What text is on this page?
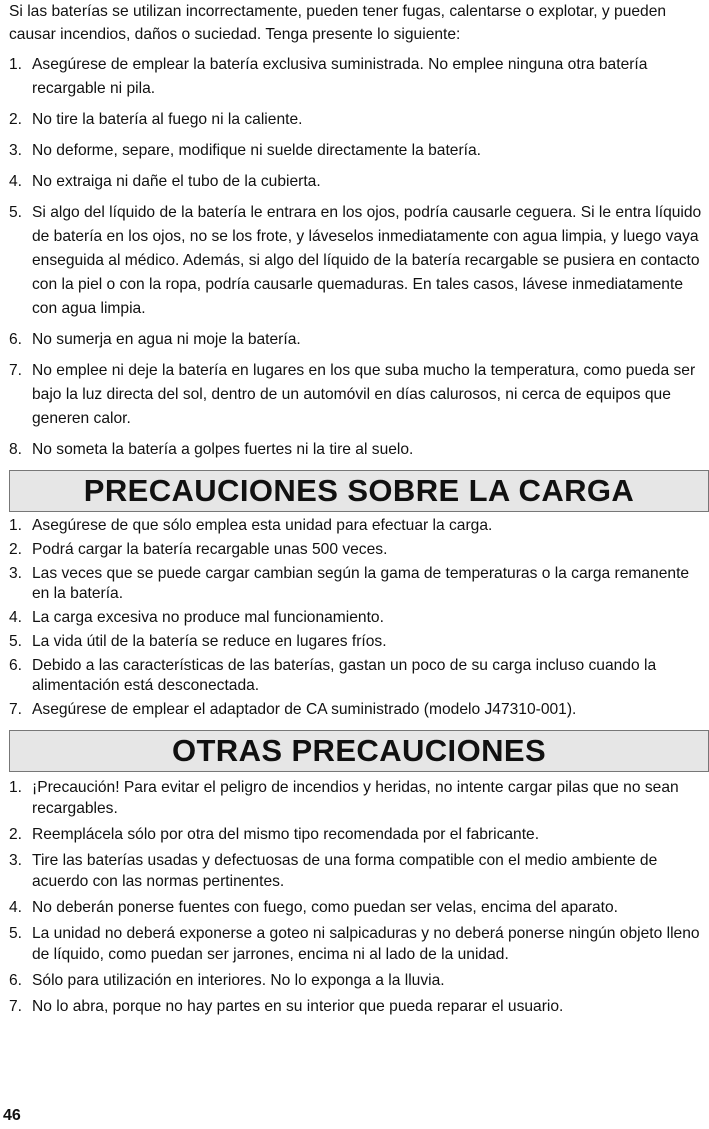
Si las baterías se utilizan incorrectamente, pueden tener fugas, calentarse o explotar, y pueden causar incendios, daños o suciedad. Tenga presente lo siguiente:

1. Asegúrese de emplear la batería exclusiva suministrada. No emplee ninguna otra batería recargable ni pila.
2. No tire la batería al fuego ni la caliente.
3. No deforme, separe, modifique ni suelde directamente la batería.
4. No extraiga ni dañe el tubo de la cubierta.
5. Si algo del líquido de la batería le entrara en los ojos, podría causarle ceguera. Si le entra líquido de batería en los ojos, no se los frote, y láveselos inmediatamente con agua limpia, y luego vaya enseguida al médico. Además, si algo del líquido de la batería recargable se pusiera en contacto con la piel o con la ropa, podría causarle quemaduras. En tales casos, lávese inmediatamente con agua limpia.
6. No sumerja en agua ni moje la batería.
7. No emplee ni deje la batería en lugares en los que suba mucho la temperatura, como pueda ser bajo la luz directa del sol, dentro de un automóvil en días calurosos, ni cerca de equipos que generen calor.
8. No someta la batería a golpes fuertes ni la tire al suelo.
PRECAUCIONES SOBRE LA CARGA
1. Asegúrese de que sólo emplea esta unidad para efectuar la carga.
2. Podrá cargar la batería recargable unas 500 veces.
3. Las veces que se puede cargar cambian según la gama de temperaturas o la carga remanente en la batería.
4. La carga excesiva no produce mal funcionamiento.
5. La vida útil de la batería se reduce en lugares fríos.
6. Debido a las características de las baterías, gastan un poco de su carga incluso cuando la alimentación está desconectada.
7. Asegúrese de emplear el adaptador de CA suministrado (modelo J47310-001).
OTRAS PRECAUCIONES
1. ¡Precaución! Para evitar el peligro de incendios y heridas, no intente cargar pilas que no sean recargables.
2. Reemplácela sólo por otra del mismo tipo recomendada por el fabricante.
3. Tire las baterías usadas y defectuosas de una forma compatible con el medio ambiente de acuerdo con las normas pertinentes.
4. No deberán ponerse fuentes con fuego, como puedan ser velas, encima del aparato.
5. La unidad no deberá exponerse a goteo ni salpicaduras y no deberá ponerse ningún objeto lleno de líquido, como puedan ser jarrones, encima ni al lado de la unidad.
6. Sólo para utilización en interiores. No lo exponga a la lluvia.
7. No lo abra, porque no hay partes en su interior que pueda reparar el usuario.
46
